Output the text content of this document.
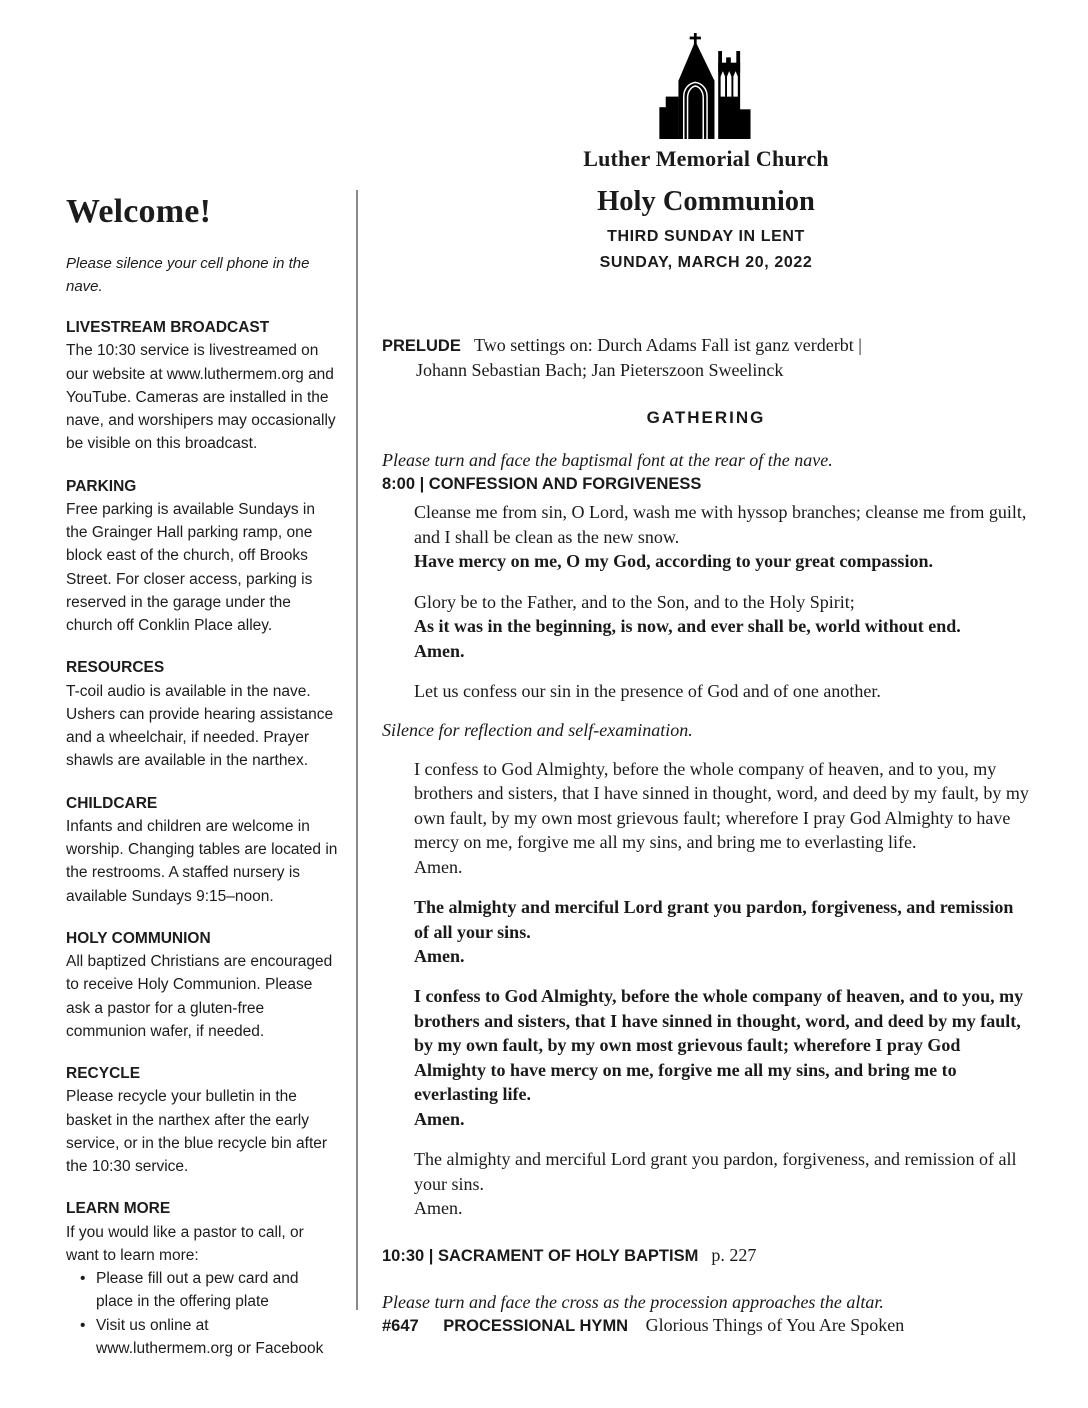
Welcome!

Please silence your cell phone in the nave.

LIVESTREAM BROADCAST

The 10:30 service is livestreamed on our website at www.luthermem.org and YouTube. Cameras are installed in the nave, and worshipers may occasionally be visible on this broadcast.

PARKING

Free parking is available Sundays in the Grainger Hall parking ramp, one block east of the church, off Brooks Street. For closer access, parking is reserved in the garage under the church off Conklin Place alley.

RESOURCES

T-coil audio is available in the nave. Ushers can provide hearing assistance and a wheelchair, if needed. Prayer shawls are available in the narthex.

CHILDCARE

Infants and children are welcome in worship. Changing tables are located in the restrooms. A staffed nursery is available Sundays 9:15–noon.

HOLY COMMUNION

All baptized Christians are encouraged to receive Holy Communion. Please ask a pastor for a gluten-free communion wafer, if needed.

RECYCLE

Please recycle your bulletin in the basket in the narthex after the early service, or in the blue recycle bin after the 10:30 service.

LEARN MORE

If you would like a pastor to call, or want to learn more:

• Please fill out a pew card and place in the offering plate
• Visit us online at www.luthermem.org or Facebook
Luther Memorial Church
Holy Communion
THIRD SUNDAY IN LENT
SUNDAY, MARCH 20, 2022
PRELUDE Two settings on: Durch Adams Fall ist ganz verderbt |
Johann Sebastian Bach; Jan Pieterszoon Sweelinck
GATHERING

Please turn and face the baptismal font at the rear of the nave.

8:00 | CONFESSION AND FORGIVENESS

Cleanse me from sin, O Lord, wash me with hyssop branches; cleanse me from guilt, and I shall be clean as the new snow.
Have mercy on me, O my God, according to your great compassion.

Glory be to the Father, and to the Son, and to the Holy Spirit;
As it was in the beginning, is now, and ever shall be, world without end.
Amen.

Let us confess our sin in the presence of God and of one another.

Silence for reflection and self-examination.

I confess to God Almighty, before the whole company of heaven, and to you, my brothers and sisters, that I have sinned in thought, word, and deed by my fault, by my own fault, by my own most grievous fault; wherefore I pray God Almighty to have mercy on me, forgive me all my sins, and bring me to everlasting life.
Amen.

The almighty and merciful Lord grant you pardon, forgiveness, and remission of all your sins.
Amen.

I confess to God Almighty, before the whole company of heaven, and to you, my brothers and sisters, that I have sinned in thought, word, and deed by my fault, by my own fault, by my own most grievous fault; wherefore I pray God Almighty to have mercy on me, forgive me all my sins, and bring me to everlasting life.
Amen.

The almighty and merciful Lord grant you pardon, forgiveness, and remission of all your sins.
Amen.

10:30 | SACRAMENT OF HOLY BAPTISM p. 227

Please turn and face the cross as the procession approaches the altar.

#647 PROCESSIONAL HYMN Glorious Things of You Are Spoken
